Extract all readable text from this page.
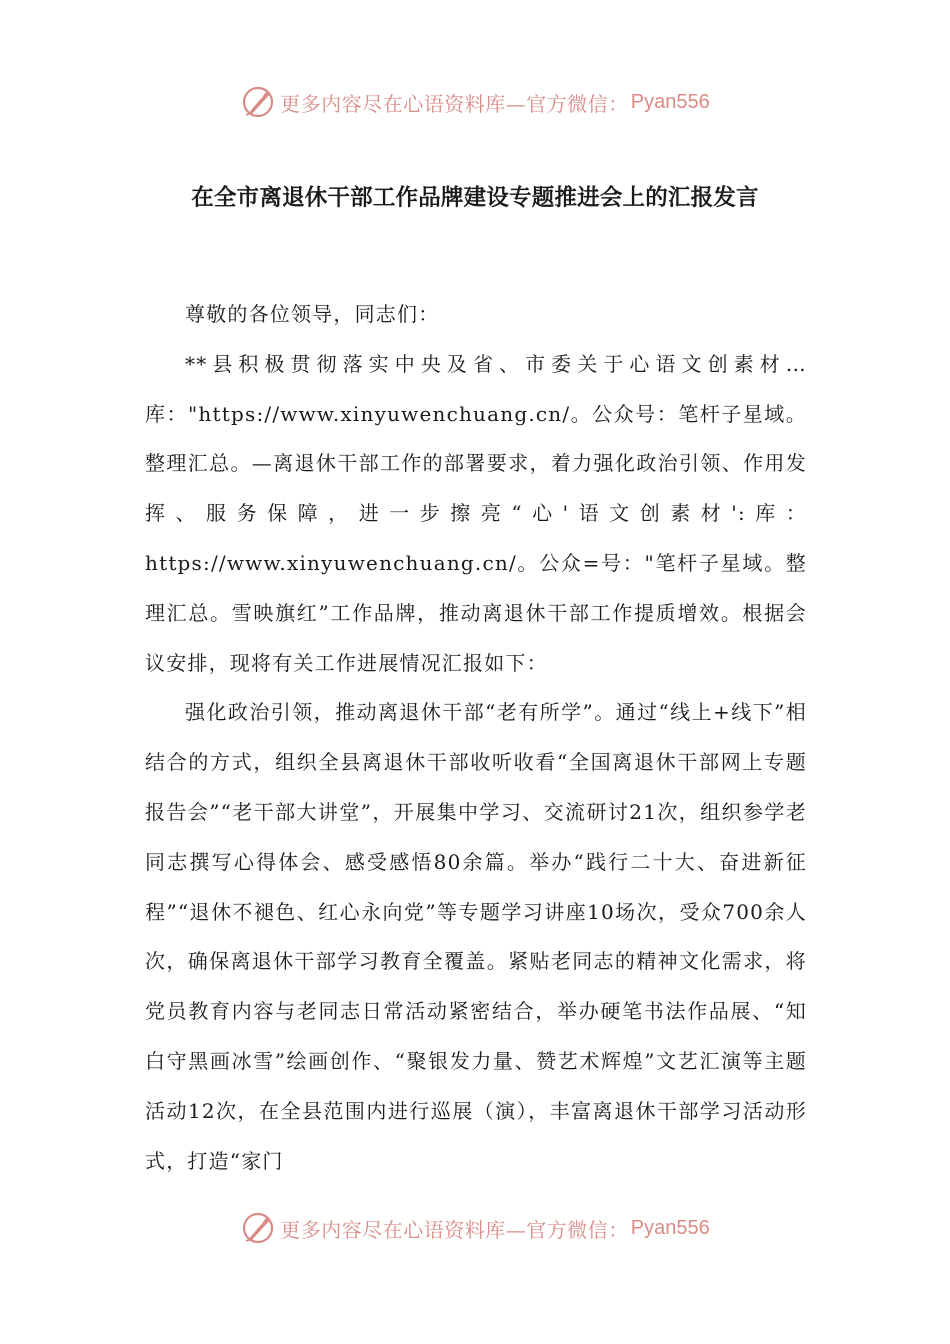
更多内容尽在心语资料库—官方微信： Pyan556
在全市离退休干部工作品牌建设专题推进会上的汇报发言

尊敬的各位领导，同志们：

**县积极贯彻落实中央及省、市委关于心语文创素材…库："https://www.xinyuwenchuang.cn/。公众号：笔杆子星域。整理汇总。—离退休干部工作的部署要求，着力强化政治引领、作用发挥、服务保障，进一步擦亮“心'语文创素材':库：https://www.xinyuwenchuang.cn/。公众=号："笔杆子星域。整理汇总。雪映旗红”工作品牌，推动离退休干部工作提质增效。根据会议安排，现将有关工作进展情况汇报如下：

强化政治引领，推动离退休干部“老有所学”。通过“线上+线下”相结合的方式，组织全县离退休干部收听收看“全国离退休干部网上专题报告会”“老干部大讲堂”，开展集中学习、交流研讨21次，组织参学老同志撰写心得体会、感受感悟80余篇。举办“践行二十大、奋进新征程”“退休不褪色、红心永向党”等专题学习讲座10场次，受众700余人次，确保离退休干部学习教育全覆盖。紧贴老同志的精神文化需求，将党员教育内容与老同志日常活动紧密结合，举办硬笔书法作品展、“知白守黑画冰雪”绘画创作、“聚银发力量、赞艺术辉煌”文艺汇演等主题活动12次，在全县范围内进行巡展（演），丰富离退休干部学习活动形式，打造“家门

更多内容尽在心语资料库—官方微信： Pyan556
